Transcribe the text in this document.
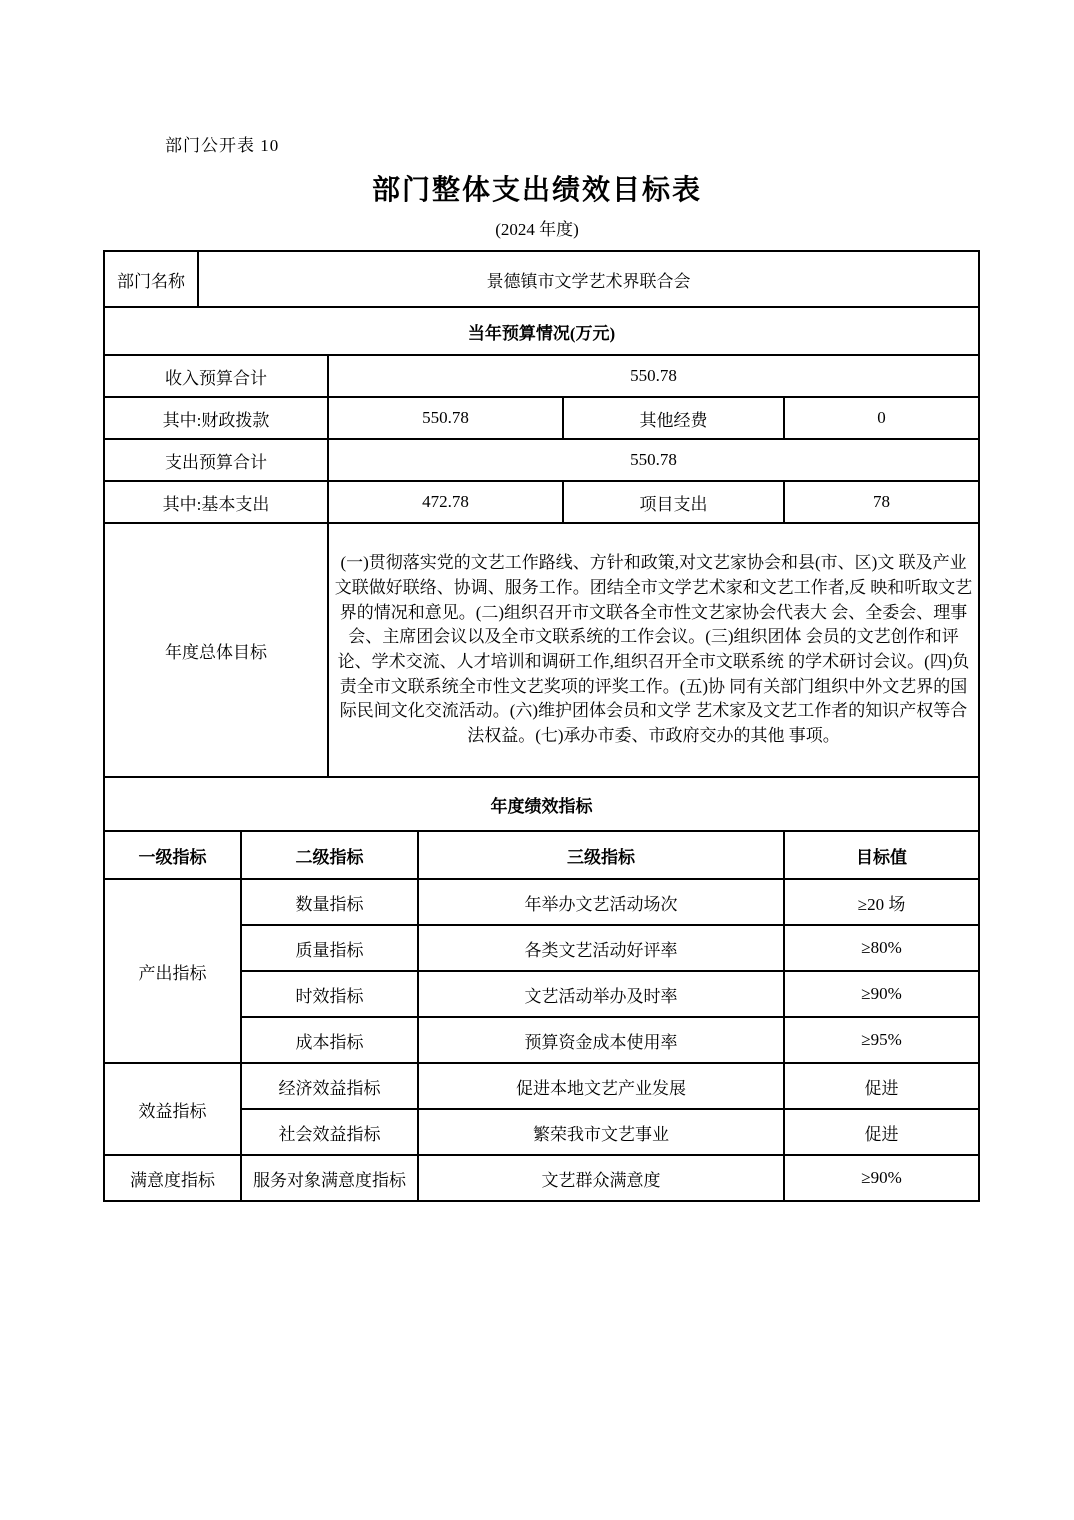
部门公开表 10
部门整体支出绩效目标表
(2024 年度)
部门名称	景德镇市文学艺术界联合会					
当年预算情况(万元)						
收入预算合计			550.78			
其中:财政拨款			550.78		其他经费	0
支出预算合计			550.78			
其中:基本支出			472.78		项目支出	78
年度总体目标			(一)贯彻落实党的文艺工作路线、方针和政策,对文艺家协会和县(市、区)文 联及产业文联做好联络、协调、服务工作。团结全市文学艺术家和文艺工作者,反 映和听取文艺界的情况和意见。(二)组织召开市文联各全市性文艺家协会代表大 会、全委会、理事会、主席团会议以及全市文联系统的工作会议。(三)组织团体 会员的文艺创作和评论、学术交流、人才培训和调研工作,组织召开全市文联系统 的学术研讨会议。(四)负责全市文联系统全市性文艺奖项的评奖工作。(五)协 同有关部门组织中外文艺界的国际民间文化交流活动。(六)维护团体会员和文学 艺术家及文艺工作者的知识产权等合法权益。(七)承办市委、市政府交办的其他 事项。			
年度绩效指标						
一级指标		二级指标		三级指标		目标值
产出指标		数量指标		年举办文艺活动场次		≥20 场
		质量指标		各类文艺活动好评率		≥80%
		时效指标		文艺活动举办及时率		≥90%
		成本指标		预算资金成本使用率		≥95%
效益指标		经济效益指标		促进本地文艺产业发展		促进
		社会效益指标		繁荣我市文艺事业		促进
满意度指标		服务对象满意度指标		文艺群众满意度		≥90%
